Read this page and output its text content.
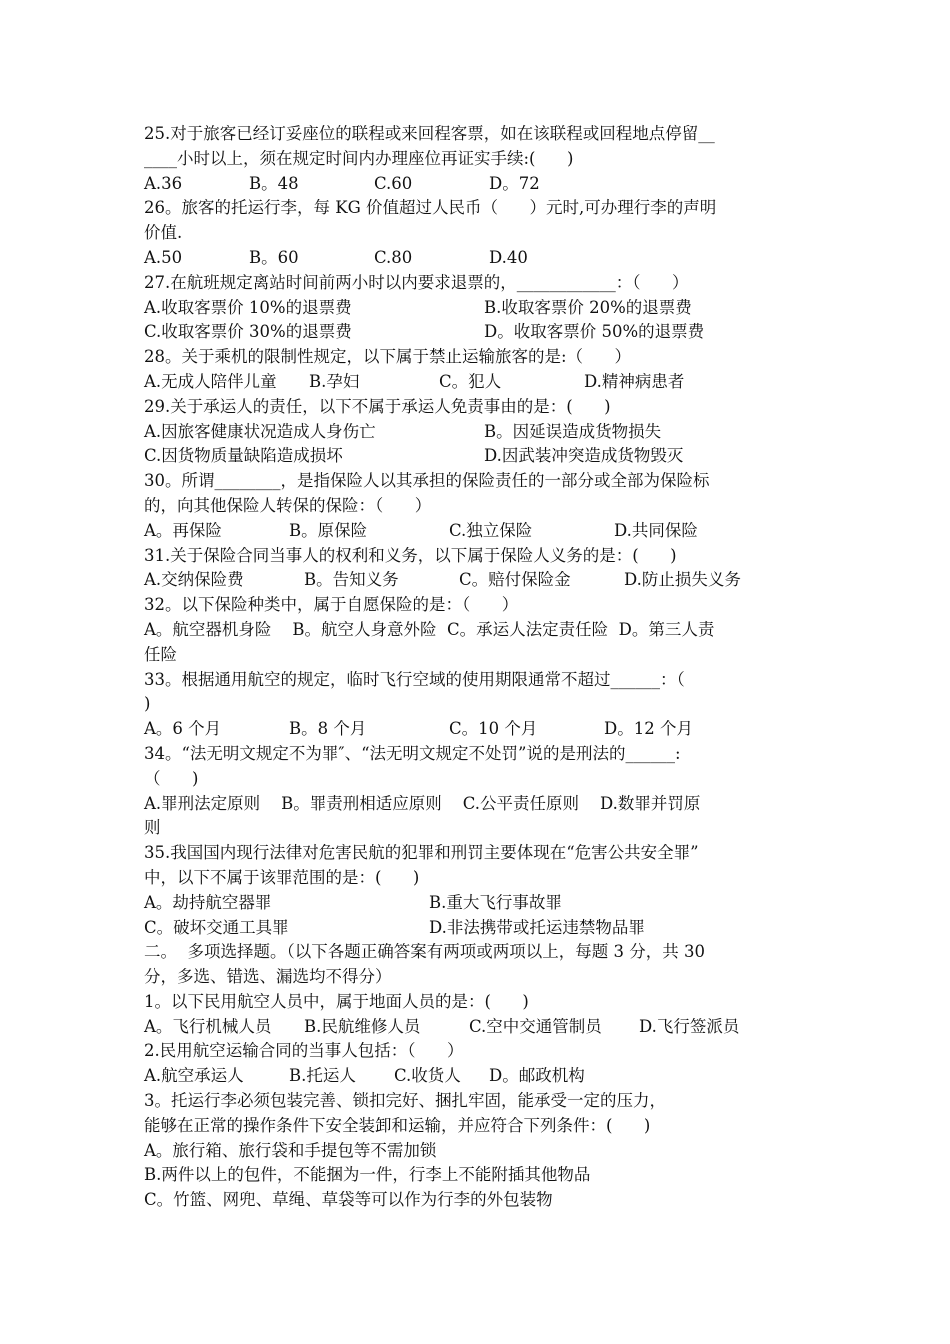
25.对于旅客已经订妥座位的联程或来回程客票，如在该联程或回程地点停留__
____小时以上，须在规定时间内办理座位再证实手续:(      )
A.36	B。48	C.60	D。72
26。旅客的托运行李，每 KG 价值超过人民币（      ）元时,可办理行李的声明
价值.
A.50	B。60	C.80	D.40
27.在航班规定离站时间前两小时以内要求退票的，____________：（      ）
A.收取客票价 10%的退票费	B.收取客票价 20%的退票费
C.收取客票价 30%的退票费	D。收取客票价 50%的退票费
28。关于乘机的限制性规定，以下属于禁止运输旅客的是:（      ）
A.无成人陪伴儿童	B.孕妇	C。犯人	D.精神病患者
29.关于承运人的责任，以下不属于承运人免责事由的是：(      )
A.因旅客健康状况造成人身伤亡	B。因延误造成货物损失
C.因货物质量缺陷造成损坏	D.因武装冲突造成货物毁灭
30。所谓________，是指保险人以其承担的保险责任的一部分或全部为保险标
的，向其他保险人转保的保险：（      ）
A。再保险	B。原保险	C.独立保险	D.共同保险
31.关于保险合同当事人的权利和义务，以下属于保险人义务的是：(      )
A.交纳保险费	B。告知义务	C。赔付保险金	D.防止损失义务
32。以下保险种类中，属于自愿保险的是：（      ）
A。航空器机身险    B。航空人身意外险  C。承运人法定责任险  D。第三人责
任险
33。根据通用航空的规定，临时飞行空域的使用期限通常不超过______：（
)
A。6 个月	B。8 个月	C。10 个月	D。12 个月
34。“法无明文规定不为罪″、“法无明文规定不处罚”说的是刑法的______:
（      )
A.罪刑法定原则    B。罪责刑相适应原则    C.公平责任原则    D.数罪并罚原
则
35.我国国内现行法律对危害民航的犯罪和刑罚主要体现在“危害公共安全罪”
中，以下不属于该罪范围的是：(      )
A。劫持航空器罪	B.重大飞行事故罪
C。破坏交通工具罪	D.非法携带或托运违禁物品罪
二。  多项选择题。（以下各题正确答案有两项或两项以上，每题 3 分，共 30
分，多选、错选、漏选均不得分）
1。以下民用航空人员中，属于地面人员的是：(      )
A。飞行机械人员	B.民航维修人员	C.空中交通管制员	D.飞行签派员
2.民用航空运输合同的当事人包括：（      ）
A.航空承运人	B.托运人	C.收货人	D。邮政机构
3。托运行李必须包装完善、锁扣完好、捆扎牢固，能承受一定的压力，
能够在正常的操作条件下安全装卸和运输，并应符合下列条件：(      )
A。旅行箱、旅行袋和手提包等不需加锁
B.两件以上的包件，不能捆为一件，行李上不能附插其他物品
C。竹篮、网兜、草绳、草袋等可以作为行李的外包装物
